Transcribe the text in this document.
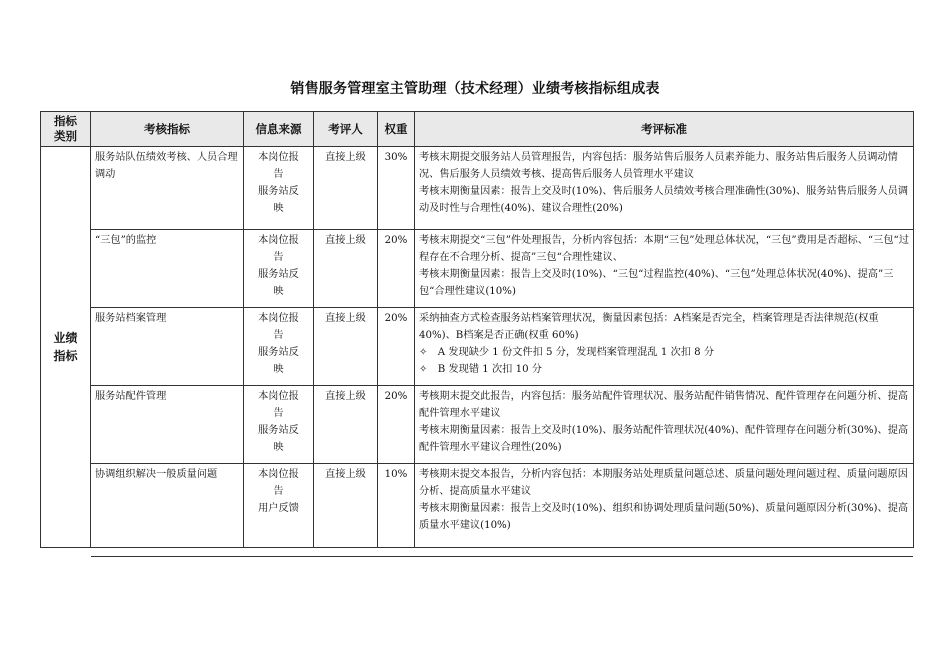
销售服务管理室主管助理（技术经理）业绩考核指标组成表
指标
类别	考核指标	信息来源	考评人	权重	考评标准
业绩
指标	服务站队伍绩效考核、人员合理调动	本岗位报
告
服务站反
映	直接上级	30%	考核末期提交服务站人员管理报告，内容包括：服务站售后服务人员素养能力、服务站售后服务人员调动情况、售后服务人员绩效考核、提高售后服务人员管理水平建议
考核末期衡量因素：报告上交及时(10%)、售后服务人员绩效考核合理准确性(30%)、服务站售后服务人员调动及时性与合理性(40%)、建议合理性(20%)

	“三包”的监控	本岗位报
告
服务站反
映	直接上级	20%	考核末期提交“三包”件处理报告，分析内容包括：本期“三包”处理总体状况，“三包”费用是否超标、“三包“过程存在不合理分析、提高”三包“合理性建议、
考核末期衡量因素：报告上交及时(10%)、“三包“过程监控(40%)、“三包”处理总体状况(40%)、提高”三包“合理性建议(10%)

	服务站档案管理	本岗位报
告
服务站反
映	直接上级	20%	采纳抽查方式检查服务站档案管理状况，衡量因素包括：A档案是否完全，档案管理是否法律规范(权重 40%)、B档案是否正确(权重 60%)
✧　A 发现缺少 1 份文件扣 5 分，发现档案管理混乱 1 次扣 8 分
✧　B 发现错 1 次扣 10 分

	服务站配件管理	本岗位报
告
服务站反
映	直接上级	20%	考核期末提交此报告，内容包括：服务站配件管理状况、服务站配件销售情况、配件管理存在问题分析、提高配件管理水平建议
考核末期衡量因素：报告上交及时(10%)、服务站配件管理状况(40%)、配件管理存在问题分析(30%)、提高配件管理水平建议合理性(20%)

	协调组织解决一般质量问题	本岗位报
告
用户反馈	直接上级	10%	考核期末提交本报告，分析内容包括：本期服务站处理质量问题总述、质量问题处理问题过程、质量问题原因分析、提高质量水平建议
考核末期衡量因素：报告上交及时(10%)、组织和协调处理质量问题(50%)、质量问题原因分析(30%)、提高质量水平建议(10%)
